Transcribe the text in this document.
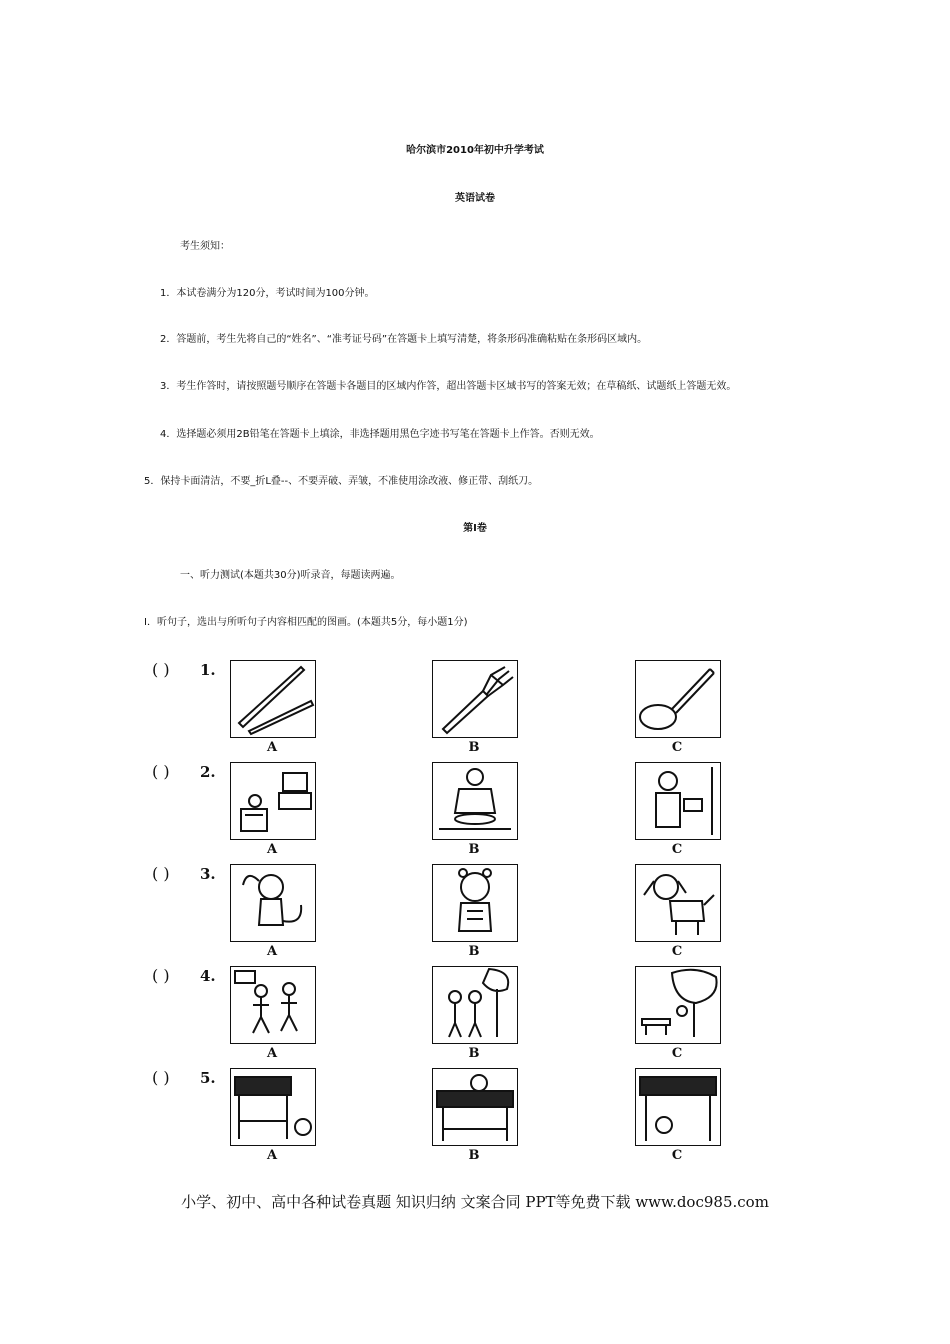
哈尔滨市2010年初中升学考试
英语试卷
考生须知：
1．本试卷满分为120分，考试时间为100分钟。
2．答题前，考生先将自己的“姓名”、“准考证号码”在答题卡上填写清楚，将条形码准确粘贴在条形码区域内。
3．考生作答时，请按照题号顺序在答题卡各题目的区域内作答，超出答题卡区域书写的答案无效；在草稿纸、试题纸上答题无效。
4．选择题必须用2B铅笔在答题卡上填涂，非选择题用黑色字迹书写笔在答题卡上作答。否则无效。
5．保持卡面清洁，不要_折L叠--、不要弄破、弄皱，不准使用涂改液、修正带、刮纸刀。
第Ⅰ卷
一、听力测试(本题共30分)听录音，每题读两遍。
I．听句子，选出与所听句子内容相匹配的图画。(本题共5分，每小题1分)
( ) 1.
A	B	C
( ) 2.
A	B	C
( ) 3.
A	B	C
( ) 4.
A	B	C
( ) 5.
A	B	C
小学、初中、高中各种试卷真题 知识归纳 文案合同 PPT等免费下载 www.doc985.com
